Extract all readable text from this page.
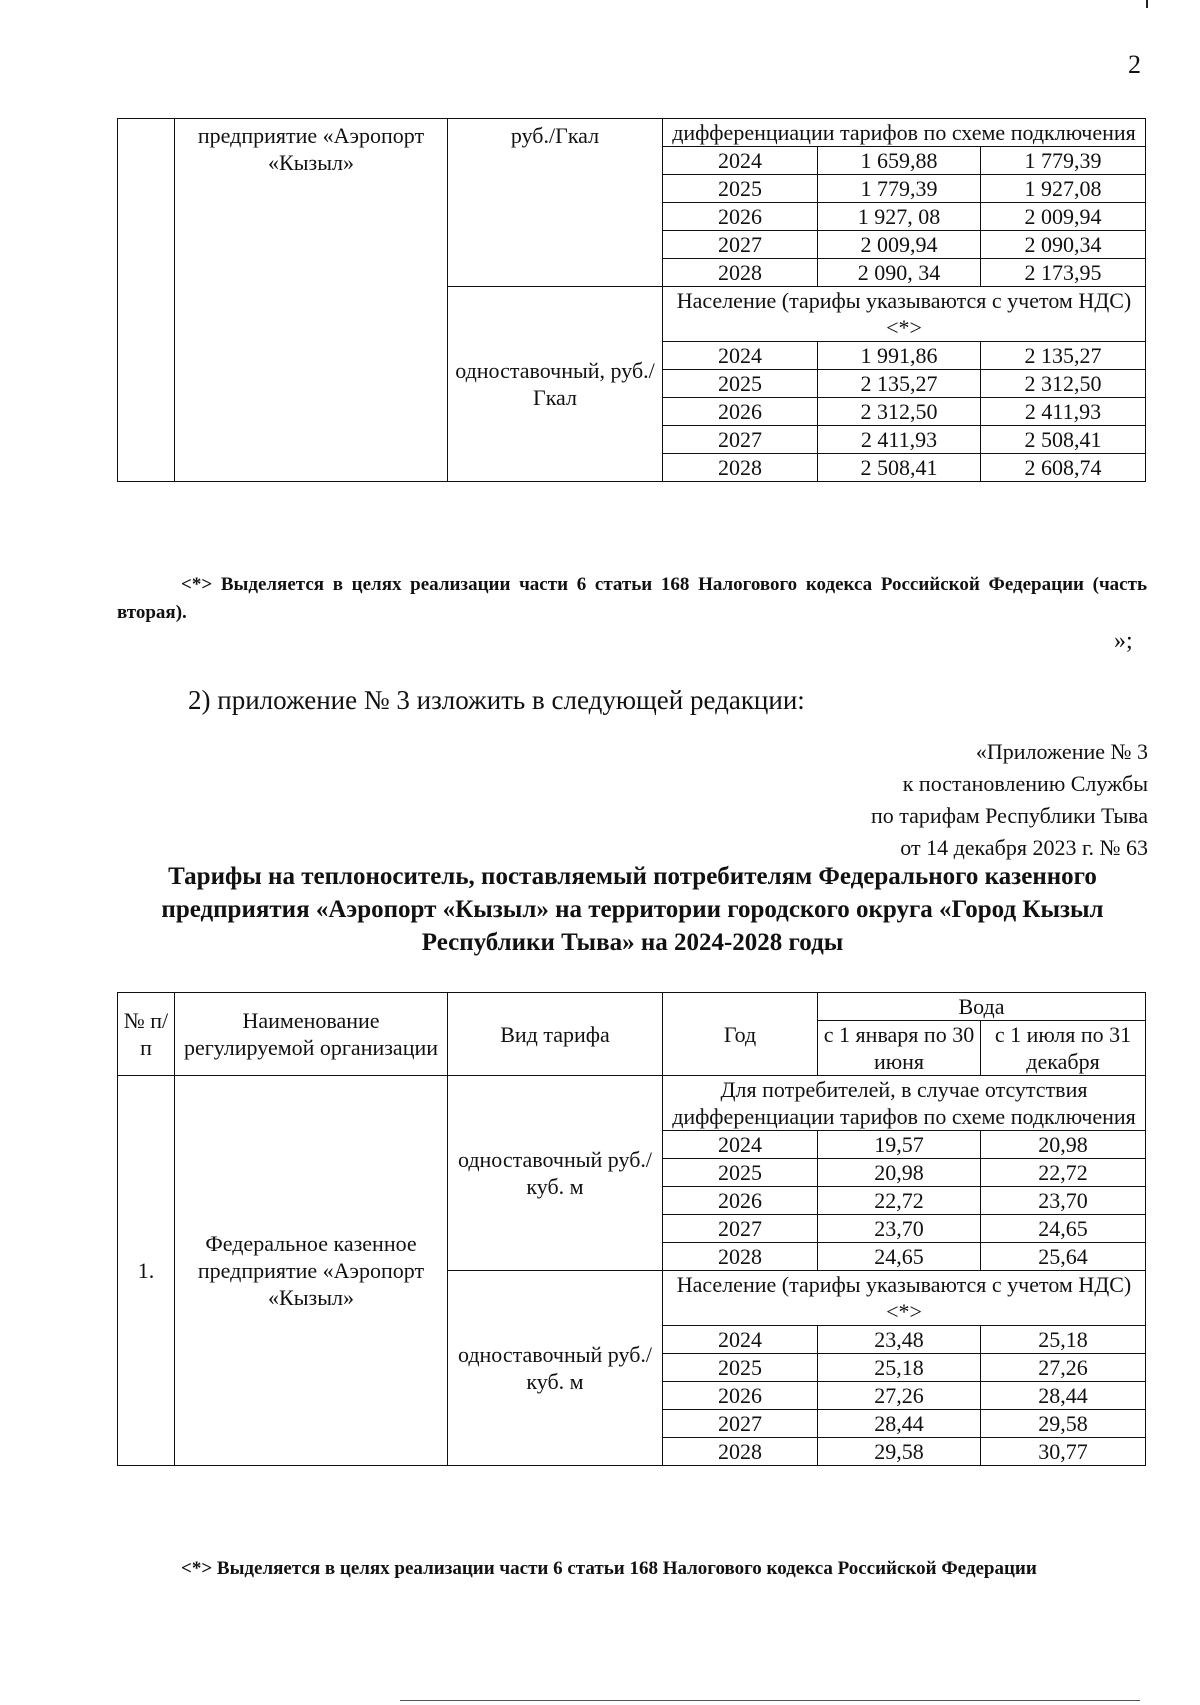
2
	предприятие «Аэропорт «Кызыл»	руб./Гкал	дифференциации тарифов по схеме подключения		
			2024	1 659,88	1 779,39
			2025	1 779,39	1 927,08
			2026	1 927, 08	2 009,94
			2027	2 009,94	2 090,34
			2028	2 090, 34	2 173,95
		одноставочный, руб./Гкал	Население (тарифы указываются с учетом НДС) <*>		
			2024	1 991,86	2 135,27
			2025	2 135,27	2 312,50
			2026	2 312,50	2 411,93
			2027	2 411,93	2 508,41
			2028	2 508,41	2 608,74
<*> Выделяется в целях реализации части 6 статьи 168 Налогового кодекса Российской Федерации (часть вторая).
»;
2) приложение № 3 изложить в следующей редакции:
«Приложение № 3
к постановлению Службы
по тарифам Республики Тыва
от 14 декабря 2023 г. № 63
Тарифы на теплоноситель, поставляемый потребителям Федерального казенного предприятия «Аэропорт «Кызыл» на территории городского округа «Город Кызыл Республики Тыва» на 2024-2028 годы
№ п/п	Наименование регулируемой организации	Вид тарифа	Год	Вода	
				с 1 января по 30 июня	с 1 июля по 31 декабря
1.	Федеральное казенное предприятие «Аэропорт «Кызыл»	одноставочный руб./куб. м	Для потребителей, в случае отсутствия дифференциации тарифов по схеме подключения		
			2024	19,57	20,98
			2025	20,98	22,72
			2026	22,72	23,70
			2027	23,70	24,65
			2028	24,65	25,64
		одноставочный руб./куб. м	Население (тарифы указываются с учетом НДС) <*>		
			2024	23,48	25,18
			2025	25,18	27,26
			2026	27,26	28,44
			2027	28,44	29,58
			2028	29,58	30,77
<*> Выделяется в целях реализации части 6 статьи 168 Налогового кодекса Российской Федерации
